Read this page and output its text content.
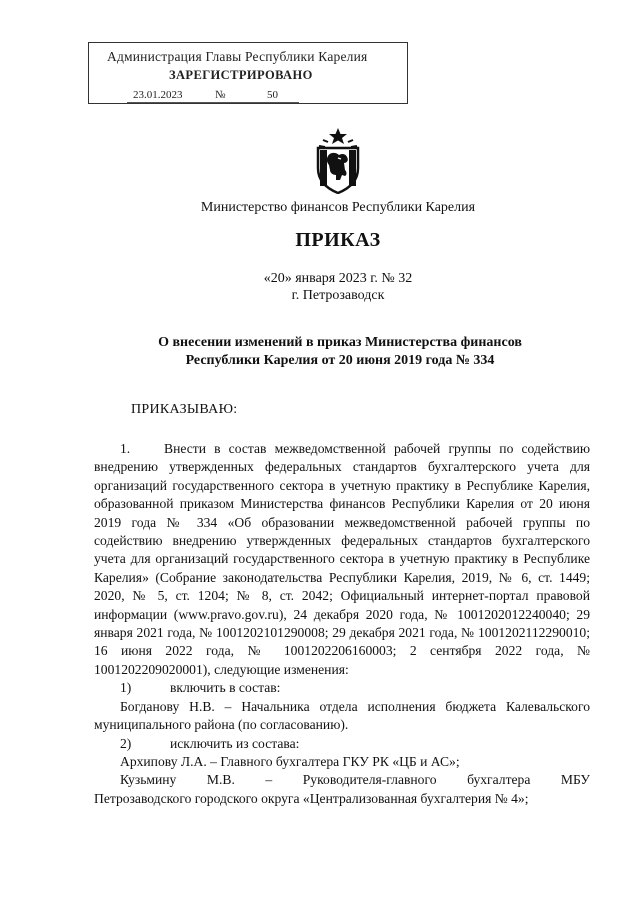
Администрация Главы Республики Карелия
ЗАРЕГИСТРИРОВАНО
23.01.2023	№	50
Министерство финансов Республики Карелия
ПРИКАЗ
«20» января 2023 г. № 32
г. Петрозаводск
О внесении изменений в приказ Министерства финансов
Республики Карелия от 20 июня 2019 года № 334
ПРИКАЗЫВАЮ:

1. Внести в состав межведомственной рабочей группы по содействию внедрению утвержденных федеральных стандартов бухгалтерского учета для организаций государственного сектора в учетную практику в Республике Карелия, образованной приказом Министерства финансов Республики Карелия от 20 июня 2019 года № 334 «Об образовании межведомственной рабочей группы по содействию внедрению утвержденных федеральных стандартов бухгалтерского учета для организаций государственного сектора в учетную практику в Республике Карелия» (Собрание законодательства Республики Карелия, 2019, № 6, ст. 1449; 2020, № 5, ст. 1204; № 8, ст. 2042; Официальный интернет-портал правовой информации (www.pravo.gov.ru), 24 декабря 2020 года, № 1001202012240040; 29 января 2021 года, № 1001202101290008; 29 декабря 2021 года, № 1001202112290010; 16 июня 2022 года, № 1001202206160003; 2 сентября 2022 года, № 1001202209020001), следующие изменения:

1)	включить в состав:

Богданову Н.В. – Начальника отдела исполнения бюджета Калевальского муниципального района (по согласованию).

2)	исключить из состава:

Архипову Л.А. – Главного бухгалтера ГКУ РК «ЦБ и АС»;

Кузьмину М.В. – Руководителя-главного бухгалтера МБУ

Петрозаводского городского округа «Централизованная бухгалтерия № 4»;
